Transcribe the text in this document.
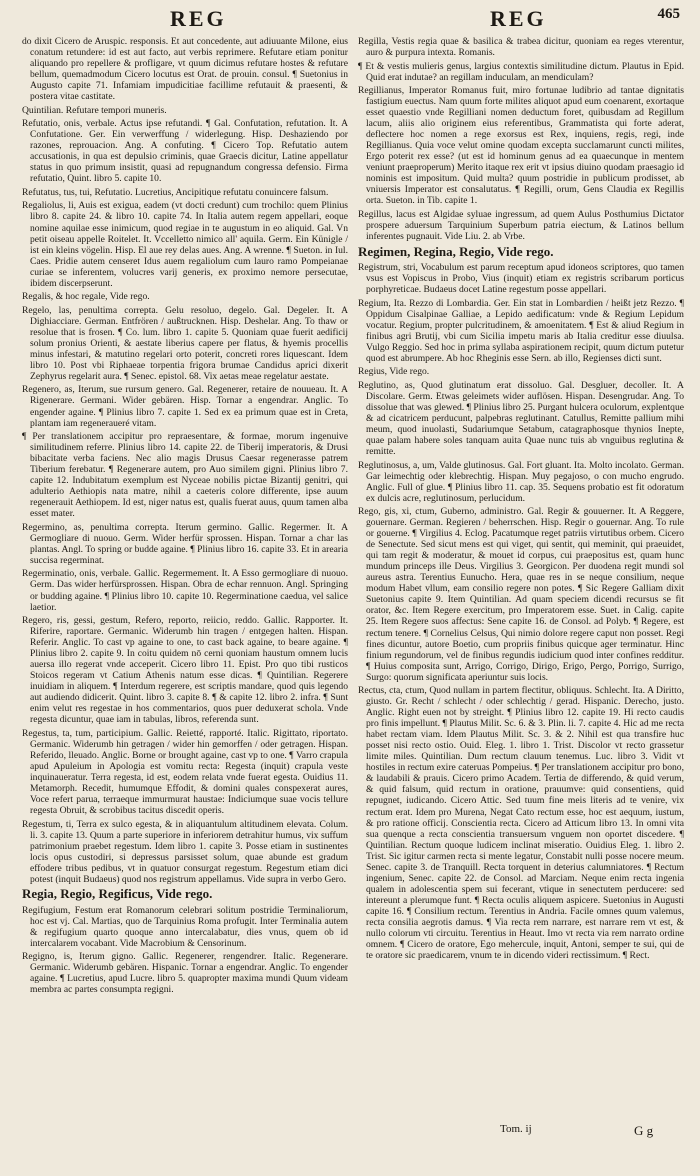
REG	REG	465

do dixit Cicero de Aruspic. responsis. Et aut concedente, aut adiuuante Milone, eius conatum retundere: id est aut facto, aut verbis reprimere. Refutare etiam ponitur aliquando pro repellere & profligare, vt quum dicimus refutare hostes & refutare bellum, quemadmodum Cicero locutus est Orat. de prouin. consul. ¶ Suetonius in Augusto capite 71. Infamiam impudicitiae facillime refutauit & praesenti, & postera vitae castitate.

Quintilian. Refutare tempori muneris.

Refutatio, onis, verbale. Actus ipse refutandi. ¶ Gal. Confutation, refutation. It. A Confutatione. Ger. Ein verwerffung / widerlegung. Hisp. Deshaziendo por razones, reprouacion. Ang. A confuting. ¶ Cicero Top. Refutatio autem accusationis, in qua est depulsio criminis, quae Graecis dicitur, Latine appellatur status in quo primum insistit, quasi ad repugnandum congressa defensio. Firma refutatio, Quint. libro 5. capite 10.

Refutatus, tus, tui, Refutatio. Lucretius, Ancipitique refutatu conuincere falsum.

Regaliolus, li, Auis est exigua, eadem (vt docti credunt) cum trochilo: quem Plinius libro 8. capite 24. & libro 10. capite 74. In Italia autem regem appellari, eoque nomine aquilae esse inimicum, quod regiae in te augustum in eo aliquid. Gal. Vn petit oiseau appelle Roitelet. It. Vccelletto nimico all' aquila. Germ. Ein Künigle / ist ein kleins vögelin. Hisp. El aue rey delas aues. Ang. A wrenne. ¶ Sueton. in Iul. Caes. Pridie autem censeret Idus auem regaliolum cum lauro ramo Pompeianae curiae se inferentem, volucres varij generis, ex proximo nemore persecutae, ibidem discerpserunt.

Regalis, & hoc regale, Vide rego.

Regelo, las, penultima correpta. Gelu resoluo, degelo. Gal. Degeler. It. A Dighiacciare. German. Entfrören / außtrucknen. Hisp. Deshelar. Ang. To thaw or resolue that is frosen. ¶ Co. lum. libro 1. capite 5. Quoniam quae fuerit aedificij solum pronius Orienti, & aestate liberius capere per flatus, & hyemis procellis minus infestari, & matutino regelari orto poterit, concreti rores liquescant. Idem libro 10. Post vbi Riphaeae torpentia frigora brumae Candidus aprici dixerit Zephyrus regelarit aura. ¶ Senec. epistol. 68. Vix aetas meae regelatur aestate.

Regenero, as, Iterum, sue rursum genero. Gal. Regenerer, retaire de nouueau. It. A Rigenerare. Germani. Wider gebären. Hisp. Tornar a engendrar. Anglic. To engender againe. ¶ Plinius libro 7. capite 1. Sed ex ea primum quae est in Creta, plantam iam regeneraueré vitam.

¶ Per translationem accipitur pro repraesentare, & formae, morum ingenuive similitudinem referre. Plinius libro 14. capite 22. de Tiberij imperatoris, & Drusi bibacitate verba faciens. Nec alio magis Drusus Caesar regenerasse patrem Tiberium ferebatur. ¶ Regenerare autem, pro Auo similem gigni. Plinius libro 7. capite 12. Indubitatum exemplum est Nyceae nobilis pictae Bizantij genitri, qui adulterio Aethiopis nata matre, nihil a caeteris colore differente, ipse auum regenerauit Aethiopem. Id est, niger natus est, qualis fuerat auus, quum tamen alba esset mater.

Regermino, as, penultima correpta. Iterum germino. Gallic. Regermer. It. A Germogliare di nuouo. Germ. Wider herfür sprossen. Hispan. Tornar a char las plantas. Angl. To spring or budde againe. ¶ Plinius libro 16. capite 33. Et in arearia succisa regerminat.

Regerminatio, onis, verbale. Gallic. Regermement. It. A Esso germogliare di nuouo. Germ. Das wider herfürsprossen. Hispan. Obra de echar rennuon. Angl. Springing or budding againe. ¶ Plinius libro 10. capite 10. Regerminatione caedua, vel salice laetior.

Regero, ris, gessi, gestum, Refero, reporto, reiicio, reddo. Gallic. Rapporter. It. Riferire, raportare. Germanic. Widerumb hin tragen / entgegen halten. Hispan. Referir. Anglic. To cast vp againe to one, to cast back againe, to beare againe. ¶ Plinius libro 2. capite 9. In coitu quidem nō cerni quoniam haustum omnem lucis auersa illo regerat vnde acceperit. Cicero libro 11. Epist. Pro quo tibi rusticos Stoicos regeram vt Catium Athenis natum esse dicas. ¶ Quintilian. Regerere inuidiam in aliquem. ¶ Interdum regerere, est scriptis mandare, quod quis legendo aut audiendo didicerit. Quint. libro 3. capite 8. ¶ & capite 12. libro 2. infra. ¶ Sunt enim velut res regestae in hos commentarios, quos puer deduxerat schola. Vnde regesta dicuntur, quae iam in tabulas, libros, referenda sunt.

Regestus, ta, tum, participium. Gallic. Reietté, rapporté. Italic. Rigittato, riportato. Germanic. Widerumb hin getragen / wider hin gemorffen / oder getragen. Hispan. Referido, lleuado. Anglic. Borne or brought againe, cast vp to one. ¶ Varro crapula apud Apuleium in Apologia est vomitu recta: Regesta (inquit) crapula veste inquinaueratur. Terra regesta, id est, eodem relata vnde fuerat egesta. Ouidius 11. Metamorph. Recedit, humumque Effodit, & domini quales conspexerat aures, Voce refert parua, terraeque immurmurat haustae: Indiciumque suae vocis tellure regesta Obruit, & scrobibus tacitus discedit operis.

Regestum, ti, Terra ex sulco egesta, & in aliquantulum altitudinem elevata. Colum. li. 3. capite 13. Quum a parte superiore in inferiorem detrahitur humus, vix suffum patrimonium praebet regestum. Idem libro 1. capite 3. Posse etiam in sustinentes locis opus custodiri, si depressus parsisset solum, quae abunde est gradum effodere tribus pedibus, vt in quatuor consurgat regestum. Regestum etiam dici potest (inquit Budaeus) quod nos registrum appellamus. Vide supra in verbo Gero.

Regia, Regio, Regificus, Vide rego.

Regifugium, Festum erat Romanorum celebrari solitum postridie Terminaliorum, hoc est vj. Cal. Martias, quo de Tarquinius Roma profugit. Inter Terminalia autem & regifugium quarto quoque anno intercalabatur, dies vnus, quem ob id intercalarem vocabant. Vide Macrobium & Censorinum.

Regigno, is, Iterum gigno. Gallic. Regenerer, rengendrer. Italic. Regenerare. Germanic. Widerumb gebären. Hispanic. Tornar a engendrar. Anglic. To engender againe. ¶ Lucretius, apud Lucre. libro 5. quapropter maxima mundi Quum videam membra ac partes consumpta regigni.

Regilla, Vestis regia quae & basilica & trabea dicitur, quoniam ea reges vterentur, auro & purpura intexta. Romanis.

¶ Et & vestis mulieris genus, largius contextis similitudine dictum. Plautus in Epid. Quid erat indutae? an regillam induculam, an mendiculam?

Regillianus, Imperator Romanus fuit, miro fortunae ludibrio ad tantae dignitatis fastigium euectus. Nam quum forte milites aliquot apud eum coenarent, exortaque esset quaestio vnde Regilliani nomen deductum foret, quibusdam ad Regillum lacum, aliis alio originem eius referentibus, Grammatista qui forte aderat, deflectere hoc nomen a rege exorsus est Rex, inquiens, regis, regi, inde Regillianus. Quia voce velut omine quodam excepta succlamarunt cuncti milites, Ergo poterit rex esse? (ut est id hominum genus ad ea quaecunque in mentem veniunt praeproperum) Merito itaque rex erit vt ipsius diuino quodam praesagio id nominis est impositum. Quid multa? quum postridie in publicum prodisset, ab vniuersis Imperator est consalutatus. ¶ Regilli, orum, Gens Claudia ex Regillis orta. Sueton. in Tib. capite 1.

Regillus, lacus est Algidae syluae ingressum, ad quem Aulus Posthumius Dictator prospere aduersum Tarquinium Superbum patria eiectum, & Latinos bellum inferentes pugnauit. Vide Liu. 2. ab Vrbe.

Regimen, Regina, Regio, Vide rego.

Registrum, stri, Vocabulum est parum receptum apud idoneos scriptores, quo tamen vsus est Vopiscus in Probo, Vius (inquit) etiam ex registris scribarum porticus porphyreticae. Budaeus docet Latine regestum posse appellari.

Regium, Ita. Rezzo di Lombardia. Ger. Ein stat in Lombardien / heißt jetz Rezzo. ¶ Oppidum Cisalpinae Galliae, a Lepido aedificatum: vnde & Regium Lepidum vocatur. Regium, propter pulcritudinem, & amoenitatem. ¶ Est & aliud Regium in finibus agri Brutij, vbi cum Sicilia impetu maris ab Italia creditur esse diuulsa. Vulgo Reggio. Sed hoc in prima syllaba aspirationem recipit, quum dictum putetur quod est abrumpere. Ab hoc Rheginis esse Sern. ab illo, Regienses dicti sunt.

Regius, Vide rego.

Reglutino, as, Quod glutinatum erat dissoluo. Gal. Desgluer, decoller. It. A Discolare. Germ. Etwas geleimets wider auflösen. Hispan. Desengrudar. Ang. To dissolue that was glewed. ¶ Plinius libro 25. Purgant hulcera oculorum, explentque & ad cicatricem perducunt, palpebras reglutinant. Catullus, Remitte pallium mihi meum, quod inuolasti, Sudariumque Setabum, catagraphosque thynios Inepte, quae palam habere soles tanquam auita Quae nunc tuis ab vnguibus reglutina & remitte.

Reglutinosus, a, um, Valde glutinosus. Gal. Fort gluant. Ita. Molto incolato. German. Gar leimechtig oder klebrechtig. Hispan. Muy pegajoso, o con mucho engrudo. Anglic. Full of glue. ¶ Plinius libro 11. cap. 35. Sequens probatio est fit odoratum ex dulcis acre, reglutinosum, perlucidum.

Rego, gis, xi, ctum, Guberno, administro. Gal. Regir & gouuerner. It. A Reggere, gouernare. German. Regieren / beherrschen. Hisp. Regir o gouernar. Ang. To rule or gouerne. ¶ Virgilius 4. Eclog. Pacatumque reget patriis virtutibus orbem. Cicero de Senectute. Sed sicut mens est qui viget, qui sentit, qui meminit, qui praeuidet, qui tam regit & moderatur, & mouet id corpus, cui praepositus est, quam hunc mundum princeps ille Deus. Virgilius 3. Georgicon. Per duodena regit mundi sol aureus astra. Terentius Eunucho. Hera, quae res in se neque consilium, neque modum Habet vllum, eam consilio regere non potes. ¶ Sic Regere Galliam dixit Suetonius capite 9. Item Quintilian. Ad quam speciem dicendi recursus se fit orator, &c. Item Regere exercitum, pro Imperatorem esse. Suet. in Calig. capite 25. Item Regere suos affectus: Sene capite 16. de Consol. ad Polyb. ¶ Regere, est rectum tenere. ¶ Cornelius Celsus, Qui nimio dolore regere caput non posset. Regi fines dicuntur, autore Boetio, cum propriis finibus quicque ager terminatur. Hinc finium regundorum, vel de finibus regundis iudicium quod inter confines redditur. ¶ Huius composita sunt, Arrigo, Corrigo, Dirigo, Erigo, Pergo, Porrigo, Surrigo, Surgo: quorum significata aperiuntur suis locis.

Rectus, cta, ctum, Quod nullam in partem flectitur, obliquus. Schlecht. Ita. A Diritto, giusto. Gr. Recht / schlecht / oder schlechtig / gerad. Hispanic. Derecho, justo. Anglic. Right euen not by streight. ¶ Plinius libro 12. capite 19. Hi recto caudis pro finis impellunt. ¶ Plautus Milit. Sc. 6. & 3. Plin. li. 7. capite 4. Hic ad me recta habet rectam viam. Idem Plautus Milit. Sc. 3. & 2. Nihil est qua transfire huc posset nisi recto ostio. Ouid. Eleg. 1. libro 1. Trist. Discolor vt recto grassetur limite miles. Quintilian. Dum rectum clauum tenemus. Luc. libro 3. Vidit vt hostiles in rectum exire cateruas Pompeius. ¶ Per translationem accipitur pro bono, & laudabili & prauis. Cicero primo Academ. Tertia de differendo, & quid verum, & quid falsum, quid rectum in oratione, prauumve: quid consentiens, quid repugnet, iudicando. Cicero Attic. Sed tuum fine meis literis ad te venire, vix rectum erat. Idem pro Murena, Negat Cato rectum esse, hoc est aequum, iustum, & pro ratione officij. Conscientia recta. Cicero ad Atticum libro 13. In omni vita sua quenque a recta conscientia transuersum vnguem non oportet discedere. ¶ Quintilian. Rectum quoque ludicem inclinat miseratio. Ouidius Eleg. 1. libro 2. Trist. Sic igitur carmen recta si mente legatur, Constabit nulli posse nocere meum. Senec. capite 3. de Tranquill. Recta torquent in deterius calumniatores. ¶ Rectum ingenium, Senec. capite 22. de Consol. ad Marciam. Neque enim recta ingenia qualem in adolescentia spem sui fecerant, vtique in senectutem perducere: sed intereunt a plerumque funt. ¶ Recta oculis aliquem aspicere. Suetonius in Augusti capite 16. ¶ Consilium rectum. Terentius in Andria. Facile omnes quum valemus, recta consilia aegrotis damus. ¶ Via recta rem narrare, est narrare rem vt est, & nullo colorum vti circuitu. Terentius in Heaut. Imo vt recta via rem narrato ordine omnem. ¶ Cicero de oratore, Ego mehercule, inquit, Antoni, semper te sui, qui de te oratore sic praedicarem, vnum te in dicendo videri rectissimum. ¶ Rect.

Tom. ij	G g
